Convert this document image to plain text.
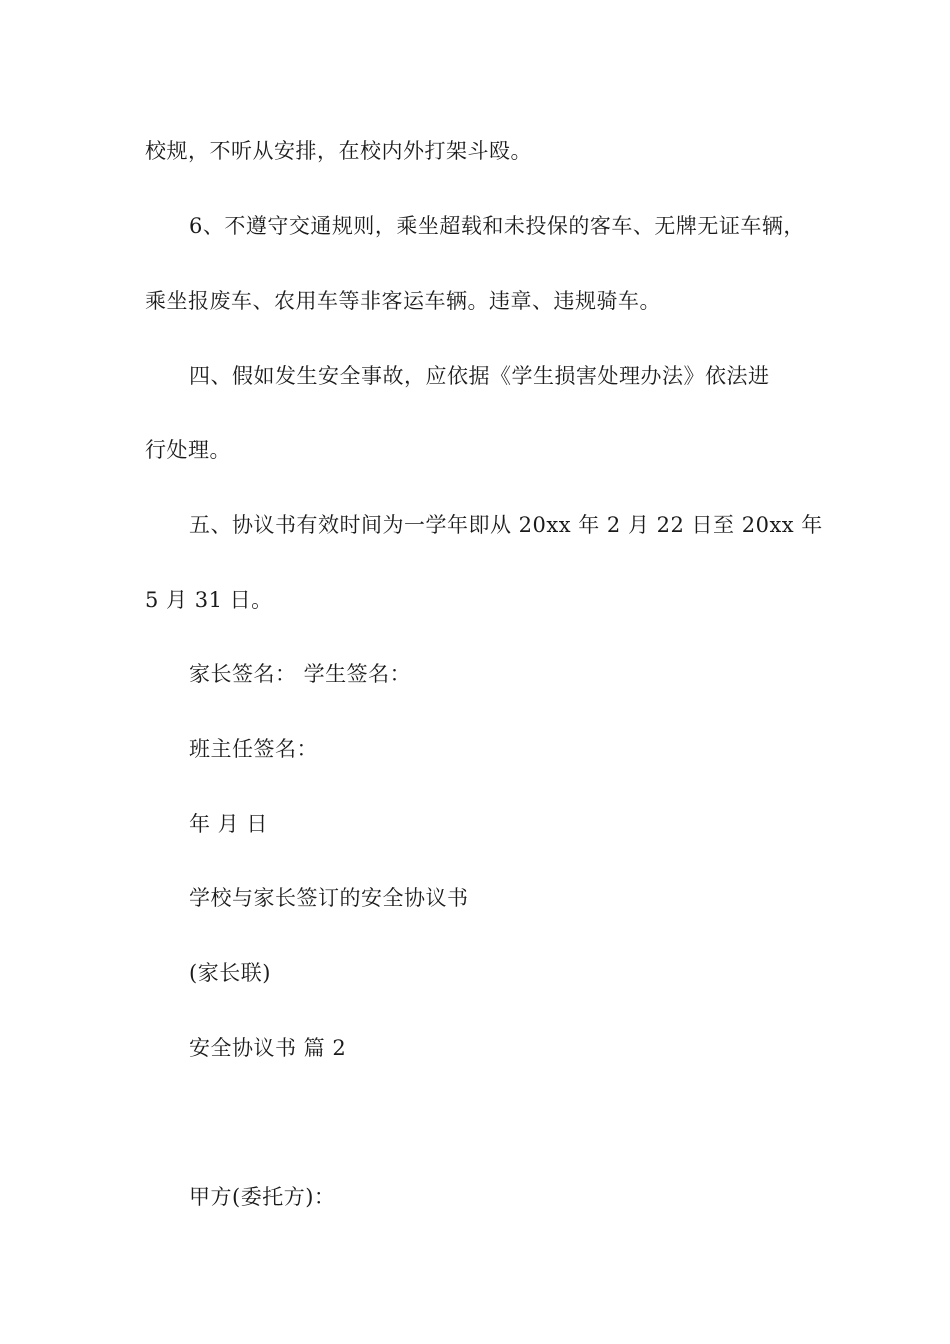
校规，不听从安排，在校内外打架斗殴。
6、不遵守交通规则，乘坐超载和未投保的客车、无牌无证车辆，
乘坐报废车、农用车等非客运车辆。违章、违规骑车。
四、假如发生安全事故，应依据《学生损害处理办法》依法进
行处理。
五、协议书有效时间为一学年即从 20xx 年 2 月 22 日至 20xx 年
5 月 31 日。
家长签名： 学生签名：
班主任签名：
年 月 日
学校与家长签订的安全协议书
(家长联)
安全协议书 篇 2
甲方(委托方)：
